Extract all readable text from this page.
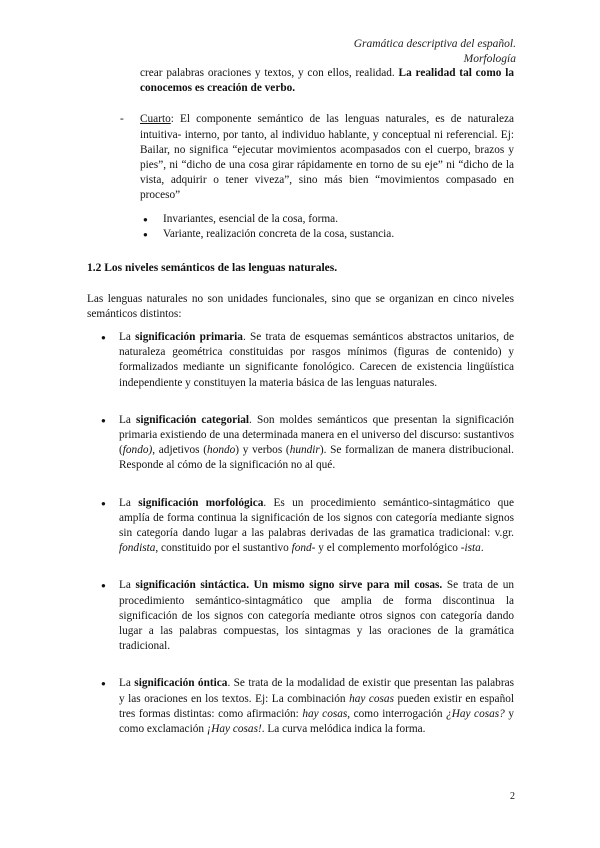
Gramática descriptiva del español.
Morfología

crear palabras oraciones y textos, y con ellos, realidad. La realidad tal como la conocemos es creación de verbo.

- Cuarto: El componente semántico de las lenguas naturales, es de naturaleza intuitiva- interno, por tanto, al individuo hablante, y conceptual ni referencial. Ej: Bailar, no significa “ejecutar movimientos acompasados con el cuerpo, brazos y pies”, ni “dicho de una cosa girar rápidamente en torno de su eje” ni “dicho de la vista, adquirir o tener viveza”, sino más bien “movimientos compasado en proceso”

● Invariantes, esencial de la cosa, forma.
● Variante, realización concreta de la cosa, sustancia.
1.2 Los niveles semánticos de las lenguas naturales.

Las lenguas naturales no son unidades funcionales, sino que se organizan en cinco niveles semánticos distintos:

● La significación primaria. Se trata de esquemas semánticos abstractos unitarios, de naturaleza geométrica constituidas por rasgos mínimos (figuras de contenido) y formalizados mediante un significante fonológico. Carecen de existencia lingüística independiente y constituyen la materia básica de las lenguas naturales.
● La significación categorial. Son moldes semánticos que presentan la significación primaria existiendo de una determinada manera en el universo del discurso: sustantivos (fondo), adjetivos (hondo) y verbos (hundir). Se formalizan de manera distribucional. Responde al cómo de la significación no al qué.
● La significación morfológica. Es un procedimiento semántico-sintagmático que amplía de forma continua la significación de los signos con categoría mediante signos sin categoría dando lugar a las palabras derivadas de las gramatica tradicional: v.gr. fondista, constituido por el sustantivo fond- y el complemento morfológico -ista.
● La significación sintáctica. Un mismo signo sirve para mil cosas. Se trata de un procedimiento semántico-sintagmático que amplia de forma discontinua la significación de los signos con categoría mediante otros signos con categoría dando lugar a las palabras compuestas, los sintagmas y las oraciones de la gramática tradicional.
● La significación óntica. Se trata de la modalidad de existir que presentan las palabras y las oraciones en los textos. Ej: La combinación hay cosas pueden existir en español tres formas distintas: como afirmación: hay cosas, como interrogación ¿Hay cosas? y como exclamación ¡Hay cosas!. La curva melódica indica la forma.
2
